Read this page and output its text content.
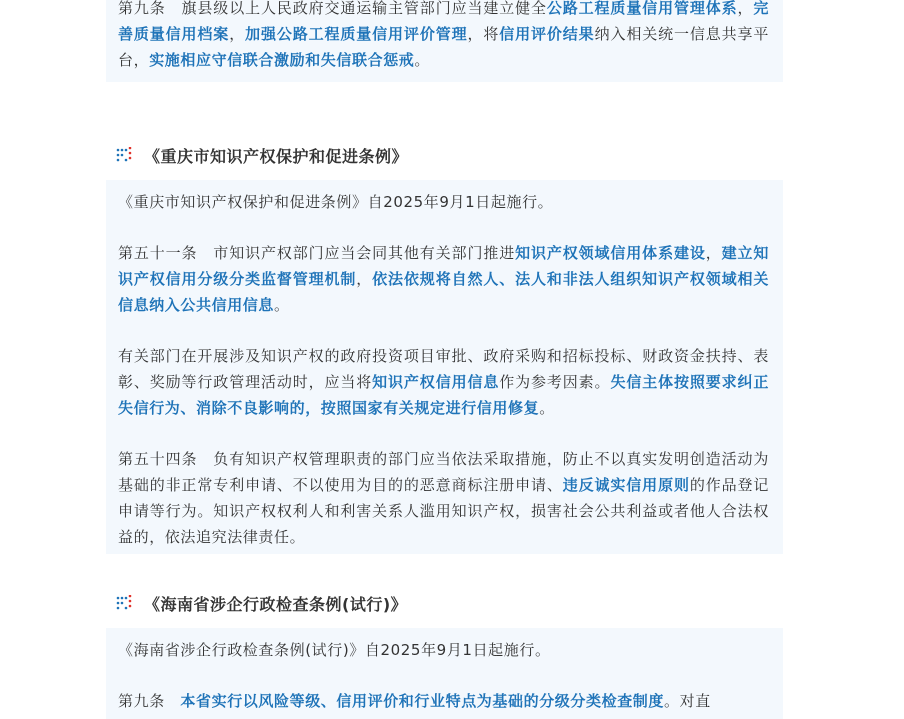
第九条　旗县级以上人民政府交通运输主管部门应当建立健全公路工程质量信用管理体系，完善质量信用档案，加强公路工程质量信用评价管理，将信用评价结果纳入相关统一信息共享平台，实施相应守信联合激励和失信联合惩戒。

《重庆市知识产权保护和促进条例》

《重庆市知识产权保护和促进条例》自2025年9月1日起施行。

第五十一条　市知识产权部门应当会同其他有关部门推进知识产权领域信用体系建设，建立知识产权信用分级分类监督管理机制，依法依规将自然人、法人和非法人组织知识产权领域相关信息纳入公共信用信息。

有关部门在开展涉及知识产权的政府投资项目审批、政府采购和招标投标、财政资金扶持、表彰、奖励等行政管理活动时，应当将知识产权信用信息作为参考因素。失信主体按照要求纠正失信行为、消除不良影响的，按照国家有关规定进行信用修复。

第五十四条　负有知识产权管理职责的部门应当依法采取措施，防止不以真实发明创造活动为基础的非正常专利申请、不以使用为目的的恶意商标注册申请、违反诚实信用原则的作品登记申请等行为。知识产权权利人和利害关系人滥用知识产权，损害社会公共利益或者他人合法权益的，依法追究法律责任。

《海南省涉企行政检查条例(试行)》

《海南省涉企行政检查条例(试行)》自2025年9月1日起施行。

第九条　本省实行以风险等级、信用评价和行业特点为基础的分级分类检查制度。对直
